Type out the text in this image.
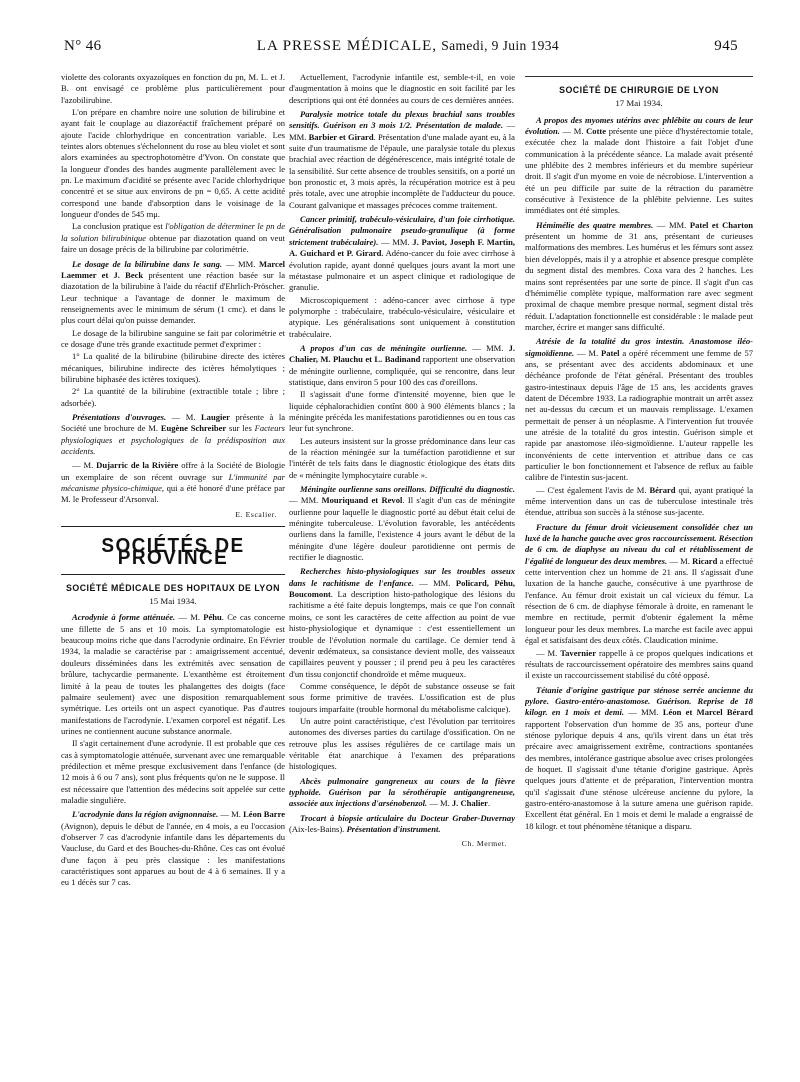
N° 46	LA PRESSE MÉDICALE, Samedi, 9 Juin 1934	945

violette des colorants oxyazoïques en fonction du pn, M. L. et J. B. ont envisagé ce problème plus particulièrement pour l'azobilirubine.

L'on prépare en chambre noire une solution de bilirubine et ayant fait le couplage au diazoréactif fraîchement préparé on ajoute l'acide chlorhydrique en concentration variable. Les teintes alors obtenues s'échelonnent du rose au bleu violet et sont alors examinées au spectrophotomètre d'Yvon. On constate que la longueur d'ondes des bandes augmente parallèlement avec le pn. Le maximum d'acidité se présente avec l'acide chlorhydrique concentré et se situe aux environs de pn = 0,65. A cette acidité correspond une bande d'absorption dans le voisinage de la longueur d'ondes de 545 mμ.

La conclusion pratique est l'obligation de déterminer le pn de la solution bilirubinique obtenue par diazotation quand on veut faire un dosage précis de la bilirubine par colorimétrie.

Le dosage de la bilirubine dans le sang. — MM. Marcel Laemmer et J. Beck présentent une réaction basée sur la diazotation de la bilirubine à l'aide du réactif d'Ehrlich-Pröscher. Leur technique a l'avantage de donner le maximum de renseignements avec le minimum de sérum (1 cmc). et dans le plus court délai qu'on puisse demander.

Le dosage de la bilirubine sanguine se fait par colorimétrie et ce dosage d'une très grande exactitude permet d'exprimer :

1° La qualité de la bilirubine (bilirubine directe des ictères mécaniques, bilirubine indirecte des ictères hémolytiques ; bilirubine biphasée des ictères toxiques).

2° La quantité de la bilirubine (extractible totale ; libre ; adsorbée).

Présentations d'ouvrages. — M. Laugier présente à la Société une brochure de M. Eugène Schreiber sur les Facteurs physiologiques et psychologiques de la prédisposition aux accidents.

— M. Dujarric de la Rivière offre à la Société de Biologie un exemplaire de son récent ouvrage sur L'immunité par mécanisme physico-chimique, qui a été honoré d'une préface par M. le Professeur d'Arsonval.

E. Escalier.

SOCIÉTÉS DE PROVINCE
SOCIÉTÉ MÉDICALE DES HOPITAUX DE LYON
15 Mai 1934.

Acrodynie à forme atténuée. — M. Péhu. Ce cas concerne une fillette de 5 ans et 10 mois. La symptomatologie est beaucoup moins riche que dans l'acrodynie ordinaire. En Février 1934, la maladie se caractérise par : amaigrissement accentué, douleurs disséminées dans les extrémités avec sensation de brûlure, tachycardie permanente. L'exanthème est étroitement limité à la peau de toutes les phalangettes des doigts (face palmaire seulement) avec une disposition remarquablement symétrique. Les orteils ont un aspect cyanotique. Pas d'autres manifestations de l'acrodynie. L'examen corporel est négatif. Les urines ne contiennent aucune substance anormale.

Il s'agit certainement d'une acrodynie. Il est probable que ces cas à symptomatologie atténuée, survenant avec une remarquable prédilection et même presque exclusivement dans l'enfance (de 12 mois à 6 ou 7 ans), sont plus fréquents qu'on ne le suppose. Il est nécessaire que l'attention des médecins soit appelée sur cette maladie singulière.

L'acrodynie dans la région avignonnaise. — M. Léon Barre (Avignon), depuis le début de l'année, en 4 mois, a eu l'occasion d'observer 7 cas d'acrodynie infantile dans les départements du Vaucluse, du Gard et des Bouches-du-Rhône. Ces cas ont évolué d'une façon à peu près classique : les manifestations caractéristiques sont apparues au bout de 4 à 6 semaines. Il y a eu 1 décès sur 7 cas.

Actuellement, l'acrodynie infantile est, semble-t-il, en voie d'augmentation à moins que le diagnostic en soit facilité par les descriptions qui ont été données au cours de ces dernières années.

Paralysie motrice totale du plexus brachial sans troubles sensitifs. Guérison en 3 mois 1/2. Présentation de malade. — MM. Barbier et Girard. Présentation d'une malade ayant eu, à la suite d'un traumatisme de l'épaule, une paralysie totale du plexus brachial avec réaction de dégénérescence, mais intégrité totale de la sensibilité. Sur cette absence de troubles sensitifs, on a porté un bon pronostic et, 3 mois après, la récupération motrice est à peu près totale, avec une atrophie incomplète de l'adducteur du pouce. Courant galvanique et massages précoces comme traitement.

Cancer primitif, trabéculo-vésiculaire, d'un foie cirrhotique. Généralisation pulmonaire pseudo-granulique (à forme strictement trabéculaire). — MM. J. Paviot, Joseph F. Martin, A. Guichard et P. Girard. Adéno-cancer du foie avec cirrhose à évolution rapide, ayant donné quelques jours avant la mort une métastase pulmonaire et un aspect clinique et radiologique de granulie.

Microscopiquement : adéno-cancer avec cirrhose à type polymorphe : trabéculaire, trabéculo-vésiculaire, vésiculaire et atypique. Les généralisations sont uniquement à constitution trabéculaire.

A propos d'un cas de méningite ourlienne. — MM. J. Chalier, M. Plauchu et L. Badinand rapportent une observation de méningite ourlienne, compliquée, qui se rencontre, dans leur statistique, dans environ 5 pour 100 des cas d'oreillons.

Il s'agissait d'une forme d'intensité moyenne, bien que le liquide céphalorachidien contînt 800 à 900 éléments blancs ; la méningite précéda les manifestations parotidiennes ou en tous cas leur fut synchrone.

Les auteurs insistent sur la grosse prédominance dans leur cas de la réaction méningée sur la tuméfaction parotidienne et sur l'intérêt de tels faits dans le diagnostic étiologique des états dits de « méningite lymphocytaire curable ».

Méningite ourlienne sans oreillons. Difficulté du diagnostic. — MM. Mouriquand et Revol. Il s'agit d'un cas de méningite ourlienne pour laquelle le diagnostic porté au début était celui de méningite tuberculeuse. L'évolution favorable, les antécédents ourliens dans la famille, l'existence 4 jours avant le début de la méningite d'une légère douleur parotidienne ont permis de rectifier le diagnostic.

Recherches histo-physiologiques sur les troubles osseux dans le rachitisme de l'enfance. — MM. Policard, Péhu, Boucomont. La description histo-pathologique des lésions du rachitisme a été faite depuis longtemps, mais ce que l'on connaît moins, ce sont les caractères de cette affection au point de vue histo-physiologique et dynamique : c'est essentiellement un trouble de l'évolution normale du cartilage. Ce dernier tend à devenir œdémateux, sa consistance devient molle, des vaisseaux capillaires peuvent y pousser ; il prend peu à peu les caractères d'un tissu conjonctif chondroïde et même muqueux.

Comme conséquence, le dépôt de substance osseuse se fait sous forme primitive de travées. L'ossification est de plus toujours imparfaite (trouble hormonal du métabolisme calcique).

Un autre point caractéristique, c'est l'évolution par territoires autonomes des diverses parties du cartilage d'ossification. On ne retrouve plus les assises régulières de ce cartilage mais un véritable état anarchique à l'examen des préparations histologiques.

Abcès pulmonaire gangreneux au cours de la fièvre typhoïde. Guérison par la sérothérapie antigangreneuse, associée aux injections d'arsénobenzol. — M. J. Chalier.

Trocart à biopsie articulaire du Docteur Graber-Duvernay (Aix-les-Bains). Présentation d'instrument.

Ch. Mermet.

SOCIÉTÉ DE CHIRURGIE DE LYON
17 Mai 1934.

A propos des myomes utérins avec phlébite au cours de leur évolution. — M. Cotte présente une pièce d'hystérectomie totale, exécutée chez la malade dont l'histoire a fait l'objet d'une communication à la précédente séance. La malade avait présenté une phlébite des 2 membres inférieurs et du membre supérieur droit. Il s'agit d'un myome en voie de nécrobiose. L'intervention a été un peu difficile par suite de la rétraction du paramètre consécutive à l'existence de la phlébite pelvienne. Les suites immédiates ont été simples.

Hémimélie des quatre membres. — MM. Patel et Charton présentent un homme de 31 ans, présentant de curieuses malformations des membres. Les humérus et les fémurs sont assez bien développés, mais il y a atrophie et absence presque complète du segment distal des membres. Coxa vara des 2 hanches. Les mains sont représentées par une sorte de pince. Il s'agit d'un cas d'hémimélie complète typique, malformation rare avec segment proximal de chaque membre presque normal, segment distal très réduit. L'adaptation fonctionnelle est considérable : le malade peut marcher, écrire et manger sans difficulté.

Atrésie de la totalité du gros intestin. Anastomose iléo-sigmoïdienne. — M. Patel a opéré récemment une femme de 57 ans, se présentant avec des accidents abdominaux et une déchéance profonde de l'état général. Présentant des troubles gastro-intestinaux depuis l'âge de 15 ans, les accidents graves datent de Décembre 1933. La radiographie montrait un arrêt assez net au-dessus du cæcum et un mauvais remplissage. L'examen permettait de penser à un néoplasme. A l'intervention fut trouvée une atrésie de la totalité du gros intestin. Guérison simple et rapide par anastomose iléo-sigmoïdienne. L'auteur rappelle les inconvénients de cette intervention et attribue dans ce cas particulier le bon fonctionnement et l'absence de reflux au faible calibre de l'intestin sus-jacent.

— C'est également l'avis de M. Bérard qui, ayant pratiqué la même intervention dans un cas de tuberculose intestinale très étendue, attribua son succès à la sténose sus-jacente.

Fracture du fémur droit vicieusement consolidée chez un luxé de la hanche gauche avec gros raccourcissement. Résection de 6 cm. de diaphyse au niveau du cal et rétablissement de l'égalité de longueur des deux membres. — M. Ricard a effectué cette intervention chez un homme de 21 ans. Il s'agissait d'une luxation de la hanche gauche, consécutive à une pyarthrose de l'enfance. Au fémur droit existait un cal vicieux du fémur. La résection de 6 cm. de diaphyse fémorale à droite, en ramenant le membre en rectitude, permit d'obtenir également la même longueur pour les deux membres. La marche est facile avec appui égal et satisfaisant des deux côtés. Claudication minime.

— M. Tavernier rappelle à ce propos quelques indications et résultats de raccourcissement opératoire des membres sains quand il existe un raccourcissement stabilisé du côté opposé.

Tétanie d'origine gastrique par sténose serrée ancienne du pylore. Gastro-entéro-anastomose. Guérison. Reprise de 18 kilogr. en 1 mois et demi. — MM. Léon et Marcel Bérard rapportent l'observation d'un homme de 35 ans, porteur d'une sténose pylorique depuis 4 ans, qu'ils virent dans un état très précaire avec amaigrissement extrême, contractions spontanées des membres, intolérance gastrique absolue avec crises prolongées de hoquet. Il s'agissait d'une tétanie d'origine gastrique. Après quelques jours d'attente et de préparation, l'intervention montra qu'il s'agissait d'une sténose ulcéreuse ancienne du pylore, la gastro-entéro-anastomose à la suture amena une guérison rapide. Excellent état général. En 1 mois et demi le malade a engraissé de 18 kilogr. et tout phénomène tétanique a disparu.
